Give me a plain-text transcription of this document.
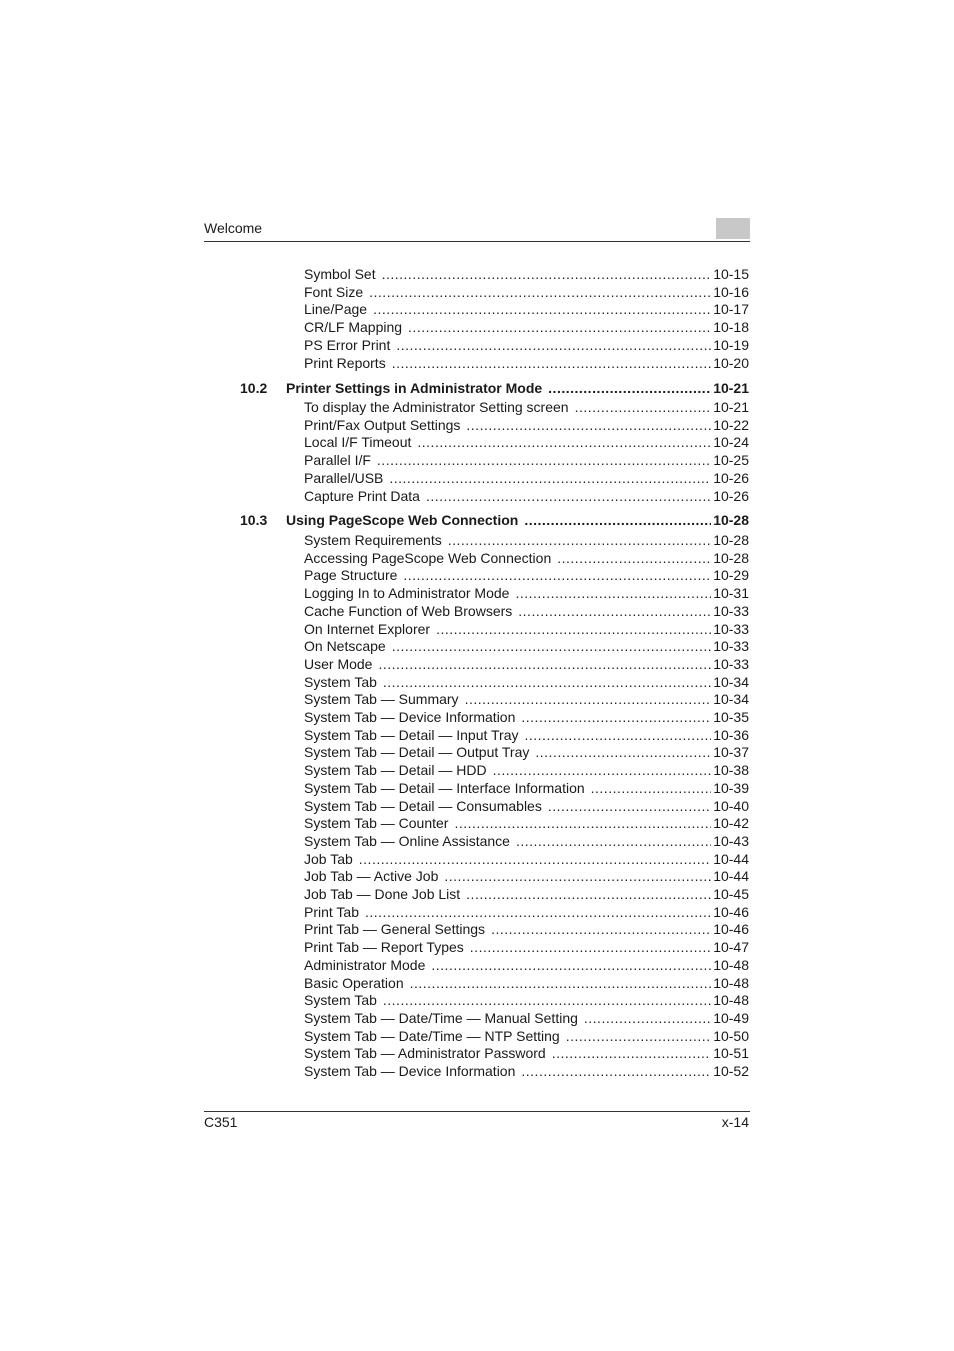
Welcome
Symbol Set .....	10-15
Font Size .....	10-16
Line/Page .....	10-17
CR/LF Mapping .....	10-18
PS Error Print .....	10-19
Print Reports .....	10-20
10.2	Printer Settings in Administrator Mode .....	10-21
To display the Administrator Setting screen .....	10-21
Print/Fax Output Settings .....	10-22
Local I/F Timeout .....	10-24
Parallel I/F .....	10-25
Parallel/USB .....	10-26
Capture Print Data .....	10-26
10.3	Using PageScope Web Connection .....	10-28
System Requirements .....	10-28
Accessing PageScope Web Connection .....	10-28
Page Structure .....	10-29
Logging In to Administrator Mode .....	10-31
Cache Function of Web Browsers .....	10-33
On Internet Explorer .....	10-33
On Netscape .....	10-33
User Mode .....	10-33
System Tab .....	10-34
System Tab — Summary .....	10-34
System Tab — Device Information .....	10-35
System Tab — Detail — Input Tray .....	10-36
System Tab — Detail — Output Tray .....	10-37
System Tab — Detail — HDD .....	10-38
System Tab — Detail — Interface Information .....	10-39
System Tab — Detail — Consumables .....	10-40
System Tab — Counter .....	10-42
System Tab — Online Assistance .....	10-43
Job Tab .....	10-44
Job Tab — Active Job .....	10-44
Job Tab — Done Job List .....	10-45
Print Tab .....	10-46
Print Tab — General Settings .....	10-46
Print Tab — Report Types .....	10-47
Administrator Mode .....	10-48
Basic Operation .....	10-48
System Tab .....	10-48
System Tab — Date/Time — Manual Setting .....	10-49
System Tab — Date/Time — NTP Setting .....	10-50
System Tab — Administrator Password .....	10-51
System Tab — Device Information .....	10-52
C351	x-14
